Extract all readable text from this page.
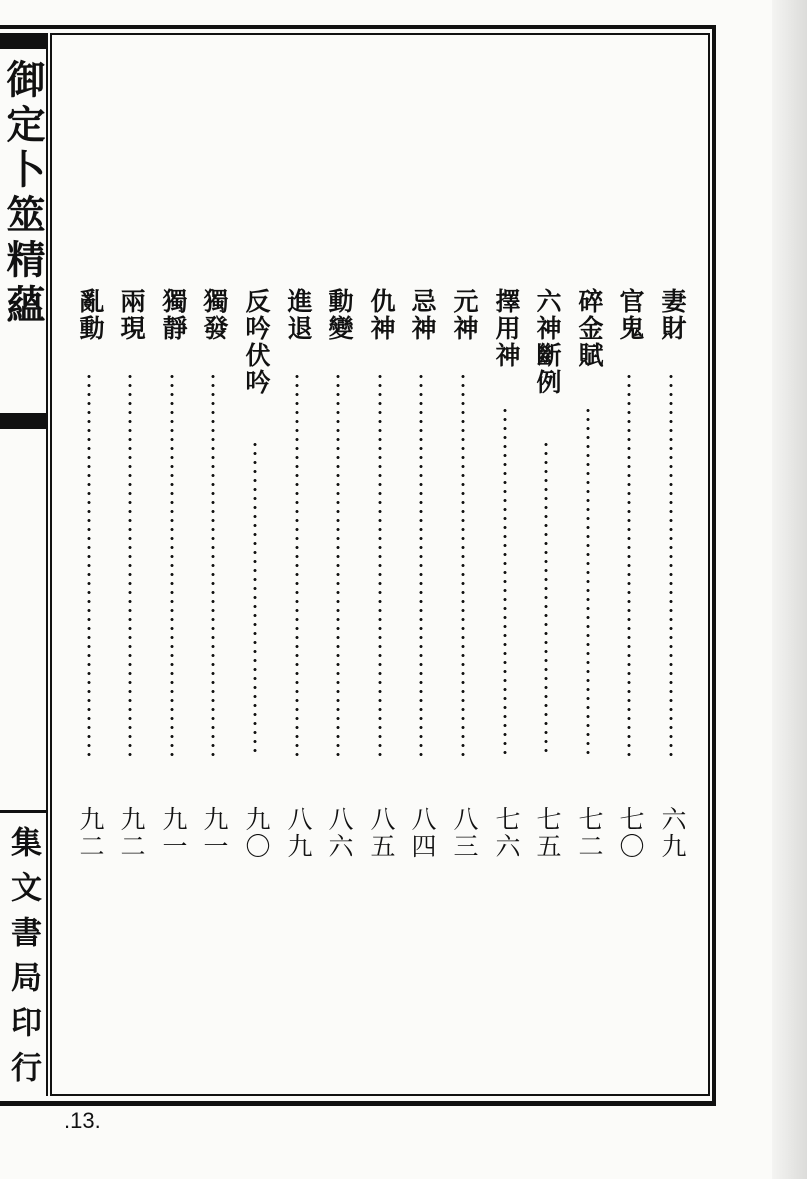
御定卜筮精蘊
集文書局印行
妻財
六九
官鬼
七〇
碎金賦
七二
六神斷例
七五
擇用神
七六
元神
八三
忌神
八四
仇神
八五
動變
八六
進退
八九
反吟伏吟
九〇
獨發
九一
獨靜
九一
兩現
九二
亂動
九二
.13.
